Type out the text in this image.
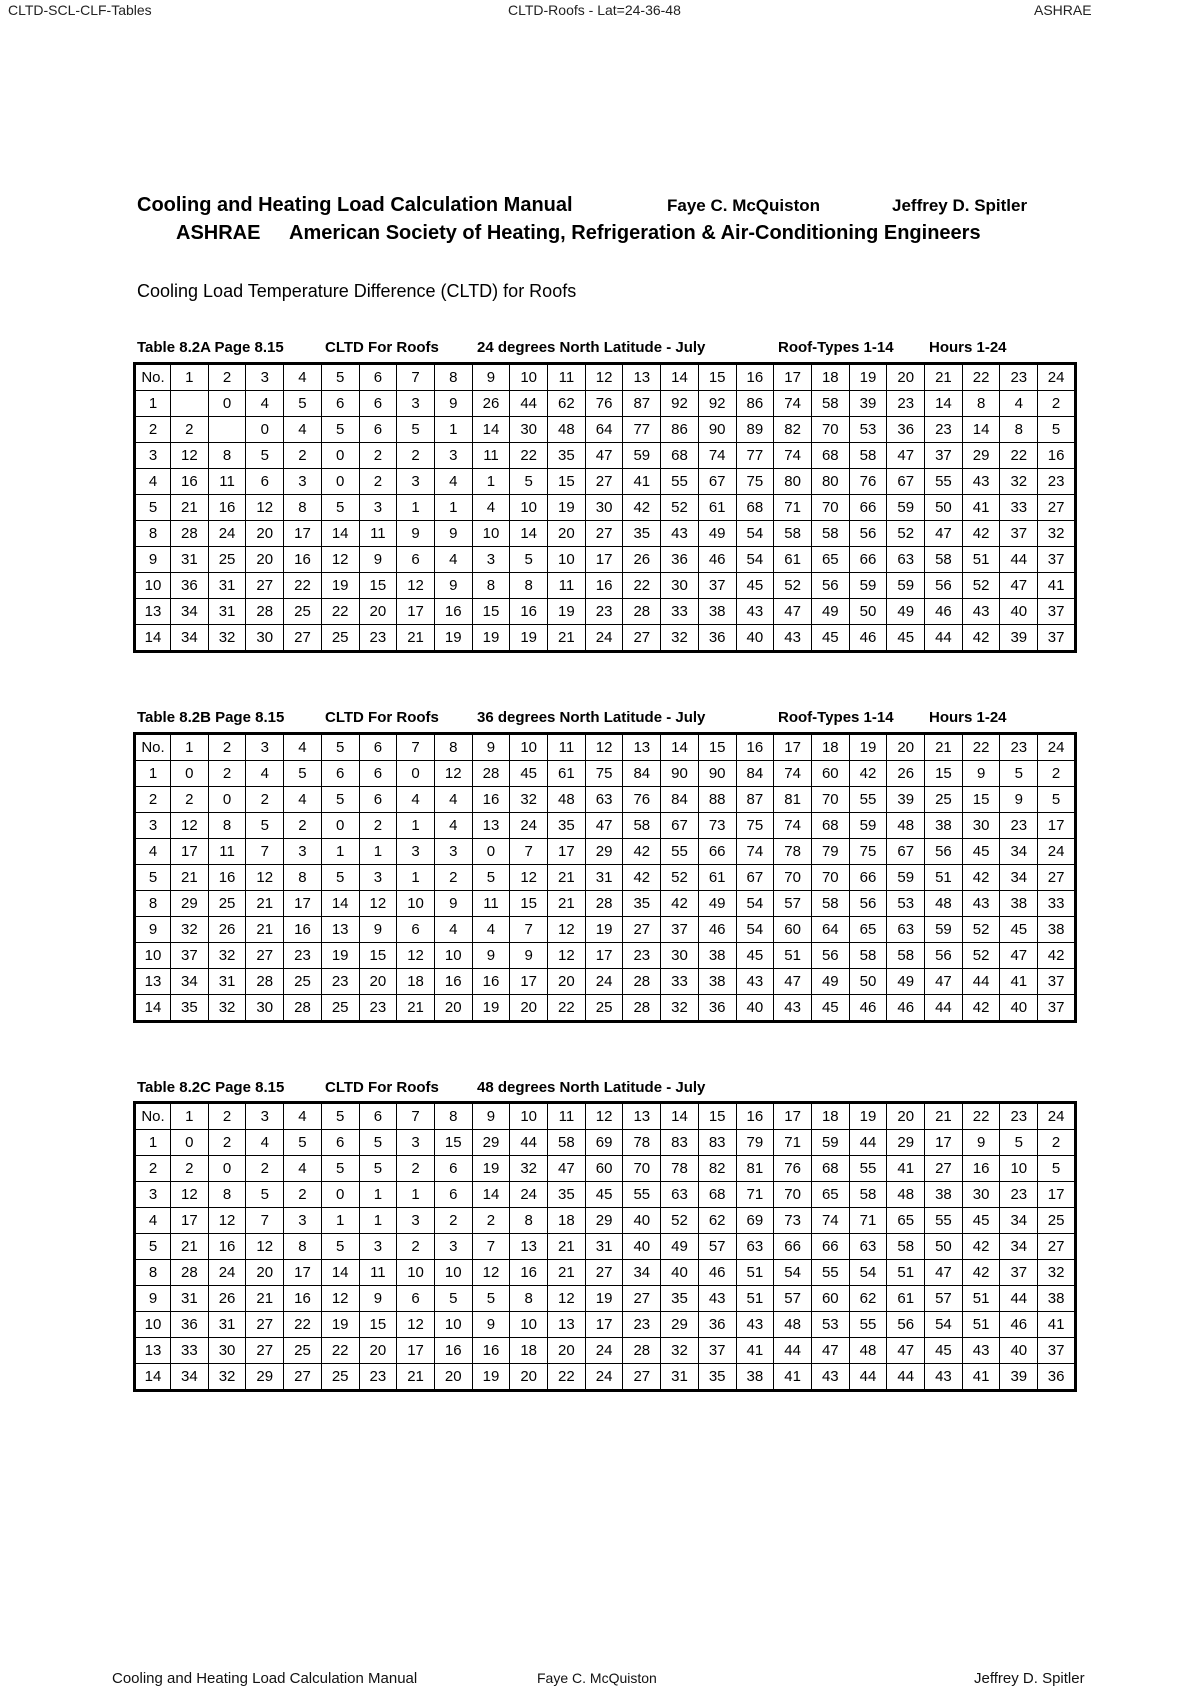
CLTD-SCL-CLF-Tables	CLTD-Roofs - Lat=24-36-48	ASHRAE
Cooling and Heating Load Calculation Manual	Faye C. McQuiston	Jeffrey D. Spitler
ASHRAE American Society of Heating, Refrigeration & Air-Conditioning Engineers
Cooling Load Temperature Difference (CLTD) for Roofs
Table 8.2A Page 8.15	CLTD For Roofs	24 degrees North Latitude - July	Roof-Types 1-14 Hours 1-24
No.	1	2	3	4	5	6	7	8	9	10	11	12	13	14	15	16	17	18	19	20	21	22	23	24
1		0	4	5	6	6	3	9	26	44	62	76	87	92	92	86	74	58	39	23	14	8	4	2
2	2		0	4	5	6	5	1	14	30	48	64	77	86	90	89	82	70	53	36	23	14	8	5
3	12	8	5	2	0	2	2	3	11	22	35	47	59	68	74	77	74	68	58	47	37	29	22	16
4	16	11	6	3	0	2	3	4	1	5	15	27	41	55	67	75	80	80	76	67	55	43	32	23
5	21	16	12	8	5	3	1	1	4	10	19	30	42	52	61	68	71	70	66	59	50	41	33	27
8	28	24	20	17	14	11	9	9	10	14	20	27	35	43	49	54	58	58	56	52	47	42	37	32
9	31	25	20	16	12	9	6	4	3	5	10	17	26	36	46	54	61	65	66	63	58	51	44	37
10	36	31	27	22	19	15	12	9	8	8	11	16	22	30	37	45	52	56	59	59	56	52	47	41
13	34	31	28	25	22	20	17	16	15	16	19	23	28	33	38	43	47	49	50	49	46	43	40	37
14	34	32	30	27	25	23	21	19	19	19	21	24	27	32	36	40	43	45	46	45	44	42	39	37
Table 8.2B Page 8.15	CLTD For Roofs	36 degrees North Latitude - July	Roof-Types 1-14 Hours 1-24
No.	1	2	3	4	5	6	7	8	9	10	11	12	13	14	15	16	17	18	19	20	21	22	23	24
1	0	2	4	5	6	6	0	12	28	45	61	75	84	90	90	84	74	60	42	26	15	9	5	2
2	2	0	2	4	5	6	4	4	16	32	48	63	76	84	88	87	81	70	55	39	25	15	9	5
3	12	8	5	2	0	2	1	4	13	24	35	47	58	67	73	75	74	68	59	48	38	30	23	17
4	17	11	7	3	1	1	3	3	0	7	17	29	42	55	66	74	78	79	75	67	56	45	34	24
5	21	16	12	8	5	3	1	2	5	12	21	31	42	52	61	67	70	70	66	59	51	42	34	27
8	29	25	21	17	14	12	10	9	11	15	21	28	35	42	49	54	57	58	56	53	48	43	38	33
9	32	26	21	16	13	9	6	4	4	7	12	19	27	37	46	54	60	64	65	63	59	52	45	38
10	37	32	27	23	19	15	12	10	9	9	12	17	23	30	38	45	51	56	58	58	56	52	47	42
13	34	31	28	25	23	20	18	16	16	17	20	24	28	33	38	43	47	49	50	49	47	44	41	37
14	35	32	30	28	25	23	21	20	19	20	22	25	28	32	36	40	43	45	46	46	44	42	40	37
Table 8.2C Page 8.15	CLTD For Roofs	48 degrees North Latitude - July
No.	1	2	3	4	5	6	7	8	9	10	11	12	13	14	15	16	17	18	19	20	21	22	23	24
1	0	2	4	5	6	5	3	15	29	44	58	69	78	83	83	79	71	59	44	29	17	9	5	2
2	2	0	2	4	5	5	2	6	19	32	47	60	70	78	82	81	76	68	55	41	27	16	10	5
3	12	8	5	2	0	1	1	6	14	24	35	45	55	63	68	71	70	65	58	48	38	30	23	17
4	17	12	7	3	1	1	3	2	2	8	18	29	40	52	62	69	73	74	71	65	55	45	34	25
5	21	16	12	8	5	3	2	3	7	13	21	31	40	49	57	63	66	66	63	58	50	42	34	27
8	28	24	20	17	14	11	10	10	12	16	21	27	34	40	46	51	54	55	54	51	47	42	37	32
9	31	26	21	16	12	9	6	5	5	8	12	19	27	35	43	51	57	60	62	61	57	51	44	38
10	36	31	27	22	19	15	12	10	9	10	13	17	23	29	36	43	48	53	55	56	54	51	46	41
13	33	30	27	25	22	20	17	16	16	18	20	24	28	32	37	41	44	47	48	47	45	43	40	37
14	34	32	29	27	25	23	21	20	19	20	22	24	27	31	35	38	41	43	44	44	43	41	39	36
Cooling and Heating Load Calculation Manual	Faye C. McQuiston	Jeffrey D. Spitler
